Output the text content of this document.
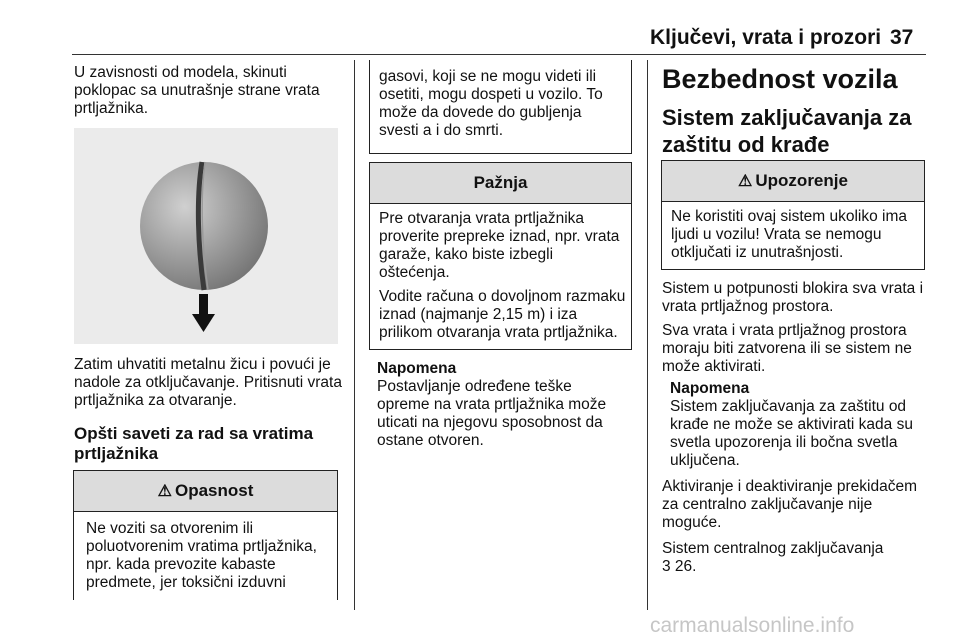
Ključevi, vrata i prozori 37
U zavisnosti od modela, skinuti poklopac sa unutrašnje strane vrata prtljažnika.
Zatim uhvatiti metalnu žicu i povući je nadole za otključavanje. Pritisnuti vrata prtljažnika za otvaranje.
Opšti saveti za rad sa vratima prtljažnika
⚠ Opasnost
Ne voziti sa otvorenim ili poluotvorenim vratima prtljažnika, npr. kada prevozite kabaste predmete, jer toksični izduvni
gasovi, koji se ne mogu videti ili osetiti, mogu dospeti u vozilo. To može da dovede do gubljenja svesti a i do smrti.
Pažnja

Pre otvaranja vrata prtljažnika proverite prepreke iznad, npr. vrata garaže, kako biste izbegli oštećenja.

Vodite računa o dovoljnom razmaku iznad (najmanje 2,15 m) i iza prilikom otvaranja vrata prtljažnika.

Napomena
Postavljanje određene teške opreme na vrata prtljažnika može uticati na njegovu sposobnost da ostane otvoren.
Bezbednost vozila
Sistem zaključavanja za zaštitu od krađe
⚠ Upozorenje
Ne koristiti ovaj sistem ukoliko ima ljudi u vozilu! Vrata se nemogu otključati iz unutrašnjosti.
Sistem u potpunosti blokira sva vrata i vrata prtljažnog prostora.
Sva vrata i vrata prtljažnog prostora moraju biti zatvorena ili se sistem ne može aktivirati.
Napomena
Sistem zaključavanja za zaštitu od krađe ne može se aktivirati kada su svetla upozorenja ili bočna svetla uključena.
Aktiviranje i deaktiviranje prekidačem za centralno zaključavanje nije moguće.
Sistem centralnog zaključavanja
3 26.
carmanualsonline.info
